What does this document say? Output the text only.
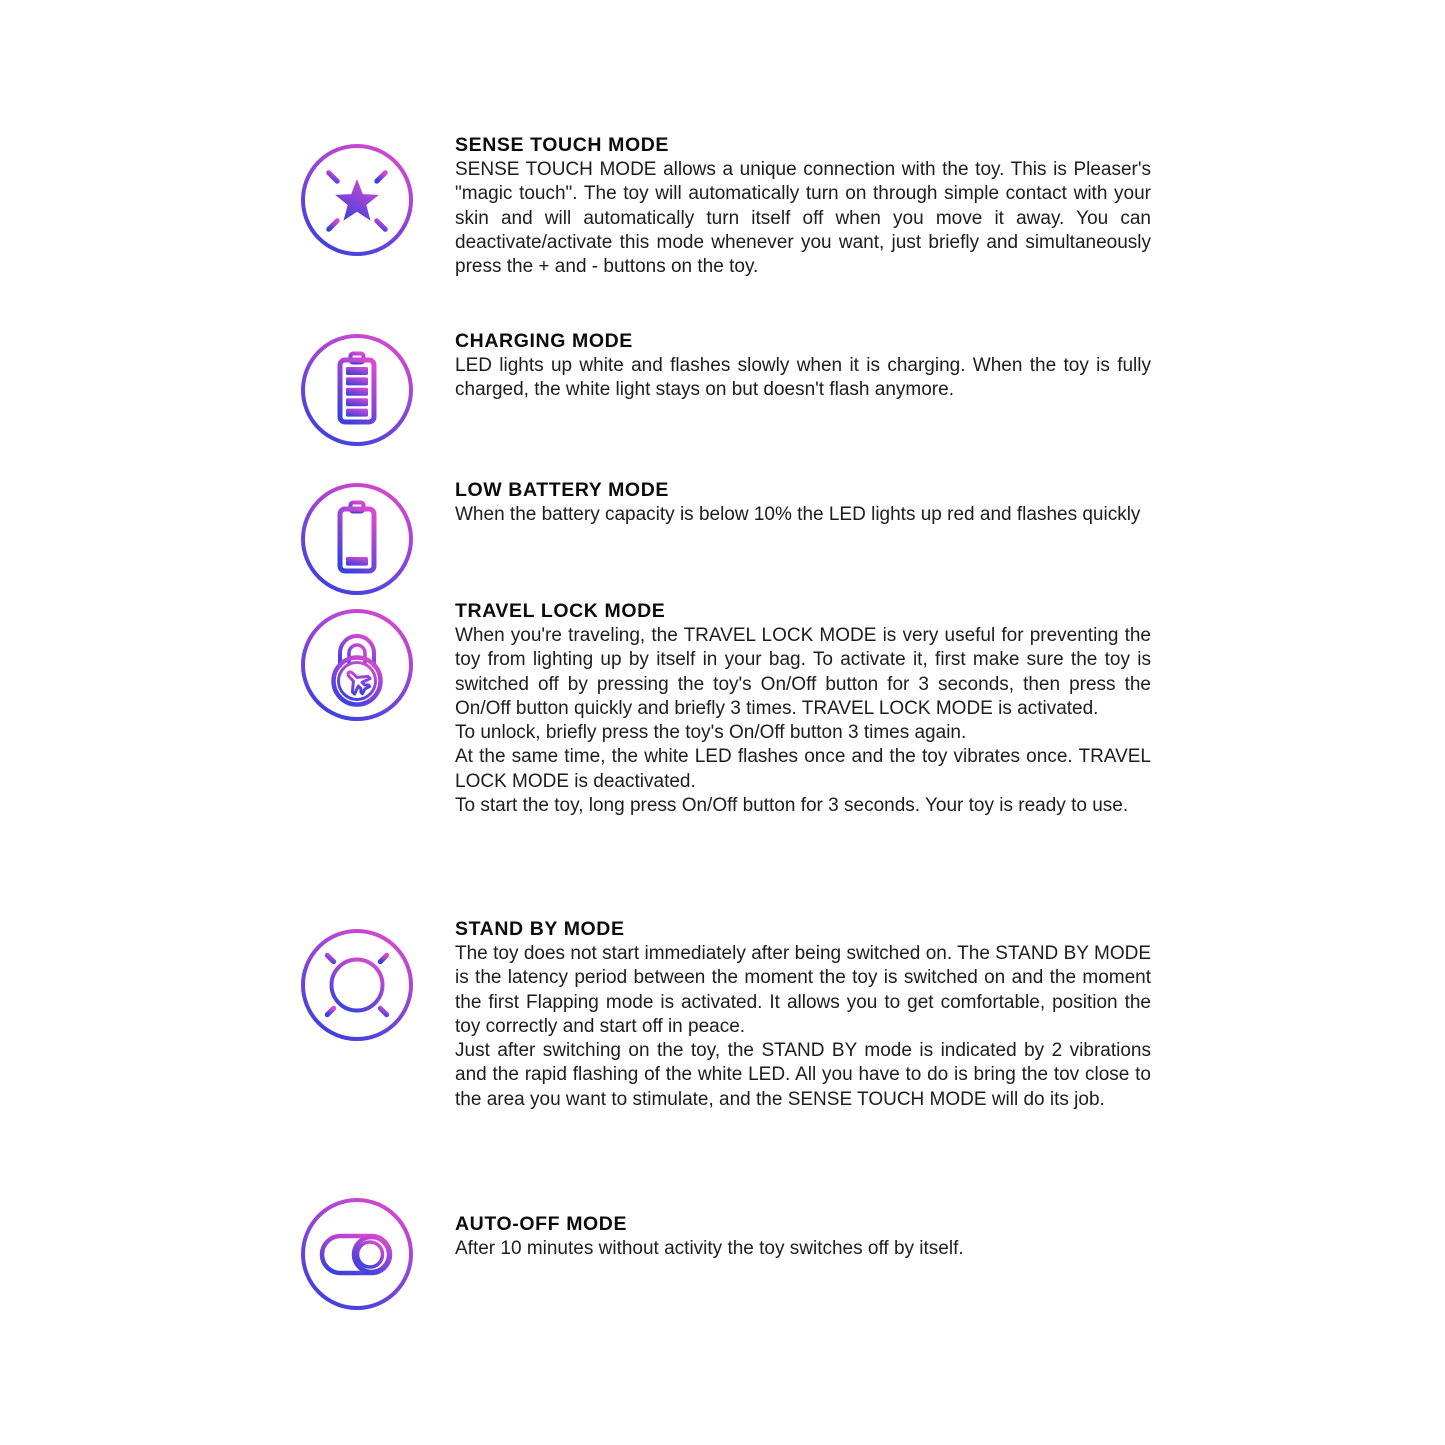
SENSE TOUCH MODE
SENSE TOUCH MODE allows a unique connection with the toy. This is Pleaser's "magic touch". The toy will automatically turn on through simple contact with your skin and will automatically turn itself off when you move it away. You can deactivate/activate this mode whenever you want, just briefly and simultaneously press the + and - buttons on the toy.
CHARGING MODE
LED lights up white and flashes slowly when it is charging. When the toy is fully charged, the white light stays on but doesn't flash anymore.
LOW BATTERY MODE
When the battery capacity is below 10% the LED lights up red and flashes quickly
TRAVEL LOCK MODE
When you're traveling, the TRAVEL LOCK MODE is very useful for preventing the toy from lighting up by itself in your bag. To activate it, first make sure the toy is switched off by pressing the toy's On/Off button for 3 seconds, then press the On/Off button quickly and briefly 3 times. TRAVEL LOCK MODE is activated.
To unlock, briefly press the toy's On/Off button 3 times again.
At the same time, the white LED flashes once and the toy vibrates once. TRAVEL LOCK MODE is deactivated.
To start the toy, long press On/Off button for 3 seconds. Your toy is ready to use.
STAND BY MODE
The toy does not start immediately after being switched on. The STAND BY MODE is the latency period between the moment the toy is switched on and the moment the first Flapping mode is activated. It allows you to get comfortable, position the toy correctly and start off in peace.
Just after switching on the toy, the STAND BY mode is indicated by 2 vibrations and the rapid flashing of the white LED. All you have to do is bring the tov close to the area you want to stimulate, and the SENSE TOUCH MODE will do its job.
AUTO-OFF MODE
After 10 minutes without activity the toy switches off by itself.
